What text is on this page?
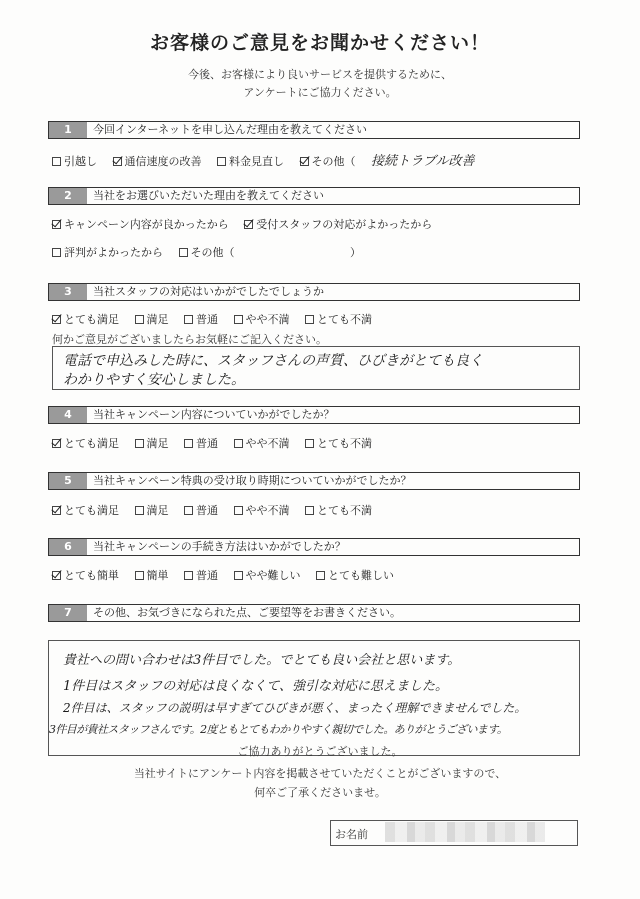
お客様のご意見をお聞かせください！
今後、お客様により良いサービスを提供するために、
アンケートにご協力ください。
1	今回インターネットを申し込んだ理由を教えてください
引越し	通信速度の改善	料金見直し	その他（ 接続トラブル改善
2	当社をお選びいただいた理由を教えてください
キャンペーン内容が良かったから	受付スタッフの対応がよかったから
評判がよかったから	その他（	）
3	当社スタッフの対応はいかがでしたでしょうか
とても満足	満足	普通	やや不満	とても不満
何かご意見がございましたらお気軽にご記入ください。
電話で申込みした時に、スタッフさんの声質、ひびきがとても良く
わかりやすく安心しました。
4	当社キャンペーン内容についていかがでしたか？
とても満足	満足	普通	やや不満	とても不満
5	当社キャンペーン特典の受け取り時期についていかがでしたか？
とても満足	満足	普通	やや不満	とても不満
6	当社キャンペーンの手続き方法はいかがでしたか？
とても簡単	簡単	普通	やや難しい	とても難しい
7	その他、お気づきになられた点、ご要望等をお書きください。
貴社への問い合わせは3件目でした。でとても良い会社と思います。
1件目はスタッフの対応は良くなくて、強引な対応に思えました。
2件目は、スタッフの説明は早すぎてひびきが悪く、まったく理解できませんでした。
3件目が貴社スタッフさんです。2度ともとてもわかりやすく親切でした。ありがとうございます。
ご協力ありがとうございました。
当社サイトにアンケート内容を掲載させていただくことがございますので、
何卒ご了承くださいませ。
お名前
